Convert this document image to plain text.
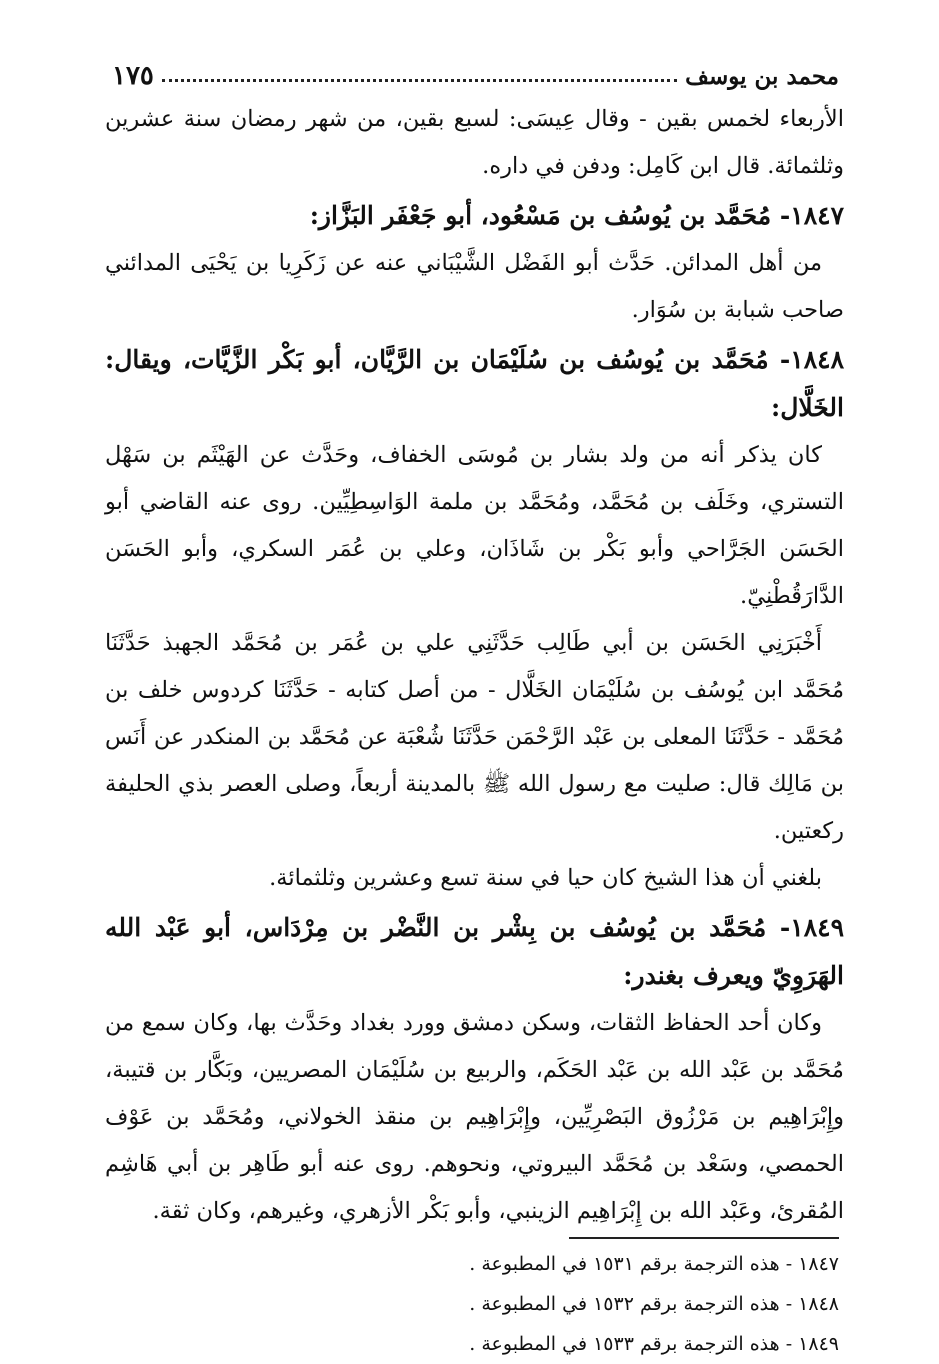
محمد بن يوسف
١٧٥

الأربعاء لخمس بقين - وقال عِيسَى: لسبع بقين، من شهر رمضان سنة عشرين وثلثمائة. قال ابن كَامِل: ودفن في داره.

١٨٤٧- مُحَمَّد بن يُوسُف بن مَسْعُود، أبو جَعْفَر البَزَّاز:

من أهل المدائن. حَدَّث أبو الفَضْل الشَّيْبَاني عنه عن زَكَرِيا بن يَحْيَى المدائني صاحب شبابة بن سُوَار.

١٨٤٨- مُحَمَّد بن يُوسُف بن سُلَيْمَان بن الرَّيَّان، أبو بَكْر الزَّيَّات، ويقال: الخَلَّال:

كان يذكر أنه من ولد بشار بن مُوسَى الخفاف، وحَدَّث عن الهَيْثَم بن سَهْل التستري، وخَلَف بن مُحَمَّد، ومُحَمَّد بن ملمة الوَاسِطِيِّين. روى عنه القاضي أبو الحَسَن الجَرَّاحي وأبو بَكْر بن شَاذَان، وعلي بن عُمَر السكري، وأبو الحَسَن الدَّارَقُطْنِيّ.

أَخْبَرَنِي الحَسَن بن أبي طَالِب حَدَّثَنِي علي بن عُمَر بن مُحَمَّد الجهبذ حَدَّثَنَا مُحَمَّد ابن يُوسُف بن سُلَيْمَان الخَلَّال - من أصل كتابه - حَدَّثَنَا كردوس خلف بن مُحَمَّد - حَدَّثَنَا المعلى بن عَبْد الرَّحْمَن حَدَّثَنَا شُعْبَة عن مُحَمَّد بن المنكدر عن أَنَس بن مَالِك قال: صليت مع رسول الله ﷺ بالمدينة أربعاً، وصلى العصر بذي الحليفة ركعتين.

بلغني أن هذا الشيخ كان حيا في سنة تسع وعشرين وثلثمائة.

١٨٤٩- مُحَمَّد بن يُوسُف بن بِشْر بن النَّضْر بن مِرْدَاس، أبو عَبْد الله الهَرَوِيّ ويعرف بغندر:

وكان أحد الحفاظ الثقات، وسكن دمشق وورد بغداد وحَدَّث بها، وكان سمع من مُحَمَّد بن عَبْد الله بن عَبْد الحَكَم، والربيع بن سُلَيْمَان المصريين، وبَكَّار بن قتيبة، وإِبْرَاهِيم بن مَرْزُوق البَصْرِيِّين، وإِبْرَاهِيم بن منقذ الخولاني، ومُحَمَّد بن عَوْف الحمصي، وسَعْد بن مُحَمَّد البيروتي، ونحوهم. روى عنه أبو طَاهِر بن أبي هَاشِم المُقرئ، وعَبْد الله بن إِبْرَاهِيم الزينبي، وأبو بَكْر الأزهري، وغيرهم، وكان ثقة.

١٨٤٧ - هذه الترجمة برقم ١٥٣١ في المطبوعة .

١٨٤٨ - هذه الترجمة برقم ١٥٣٢ في المطبوعة .

١٨٤٩ - هذه الترجمة برقم ١٥٣٣ في المطبوعة .
